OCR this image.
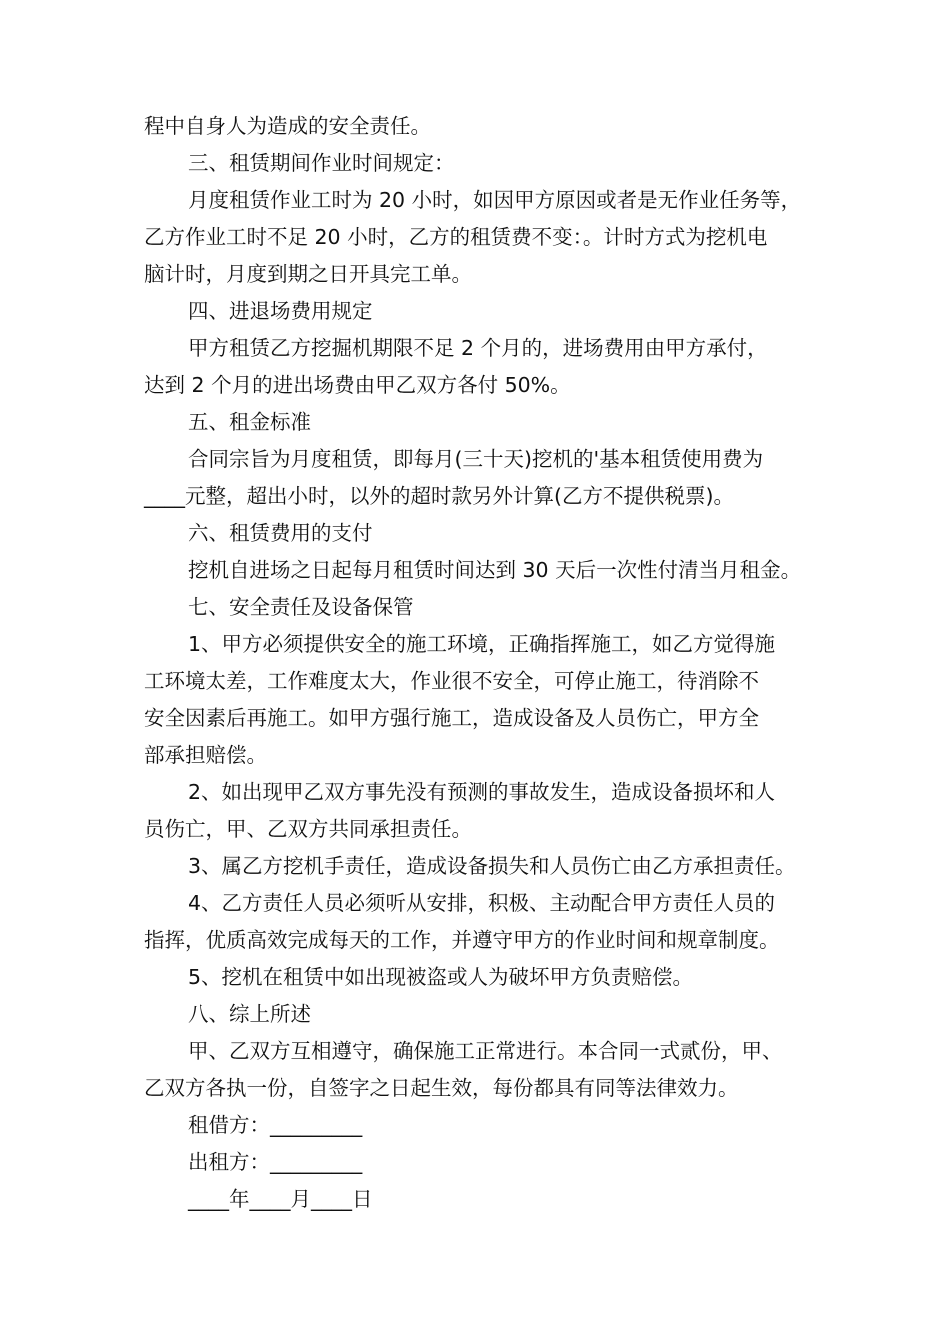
程中自身人为造成的安全责任。
三、租赁期间作业时间规定：
月度租赁作业工时为 20 小时，如因甲方原因或者是无作业任务等，
乙方作业工时不足 20 小时，乙方的租赁费不变：。计时方式为挖机电
脑计时，月度到期之日开具完工单。
四、进退场费用规定
甲方租赁乙方挖掘机期限不足 2 个月的，进场费用由甲方承付，
达到 2 个月的进出场费由甲乙双方各付 50%。
五、租金标准
合同宗旨为月度租赁，即每月(三十天)挖机的'基本租赁使用费为
____元整，超出小时，以外的超时款另外计算(乙方不提供税票)。
六、租赁费用的支付
挖机自进场之日起每月租赁时间达到 30 天后一次性付清当月租金。
七、安全责任及设备保管
1、甲方必须提供安全的施工环境，正确指挥施工，如乙方觉得施
工环境太差，工作难度太大，作业很不安全，可停止施工，待消除不
安全因素后再施工。如甲方强行施工，造成设备及人员伤亡，甲方全
部承担赔偿。
2、如出现甲乙双方事先没有预测的事故发生，造成设备损坏和人
员伤亡，甲、乙双方共同承担责任。
3、属乙方挖机手责任，造成设备损失和人员伤亡由乙方承担责任。
4、乙方责任人员必须听从安排，积极、主动配合甲方责任人员的
指挥，优质高效完成每天的工作，并遵守甲方的作业时间和规章制度。
5、挖机在租赁中如出现被盗或人为破坏甲方负责赔偿。
八、综上所述
甲、乙双方互相遵守，确保施工正常进行。本合同一式贰份，甲、
乙双方各执一份，自签字之日起生效，每份都具有同等法律效力。
租借方：_________
出租方：_________
____年____月____日
